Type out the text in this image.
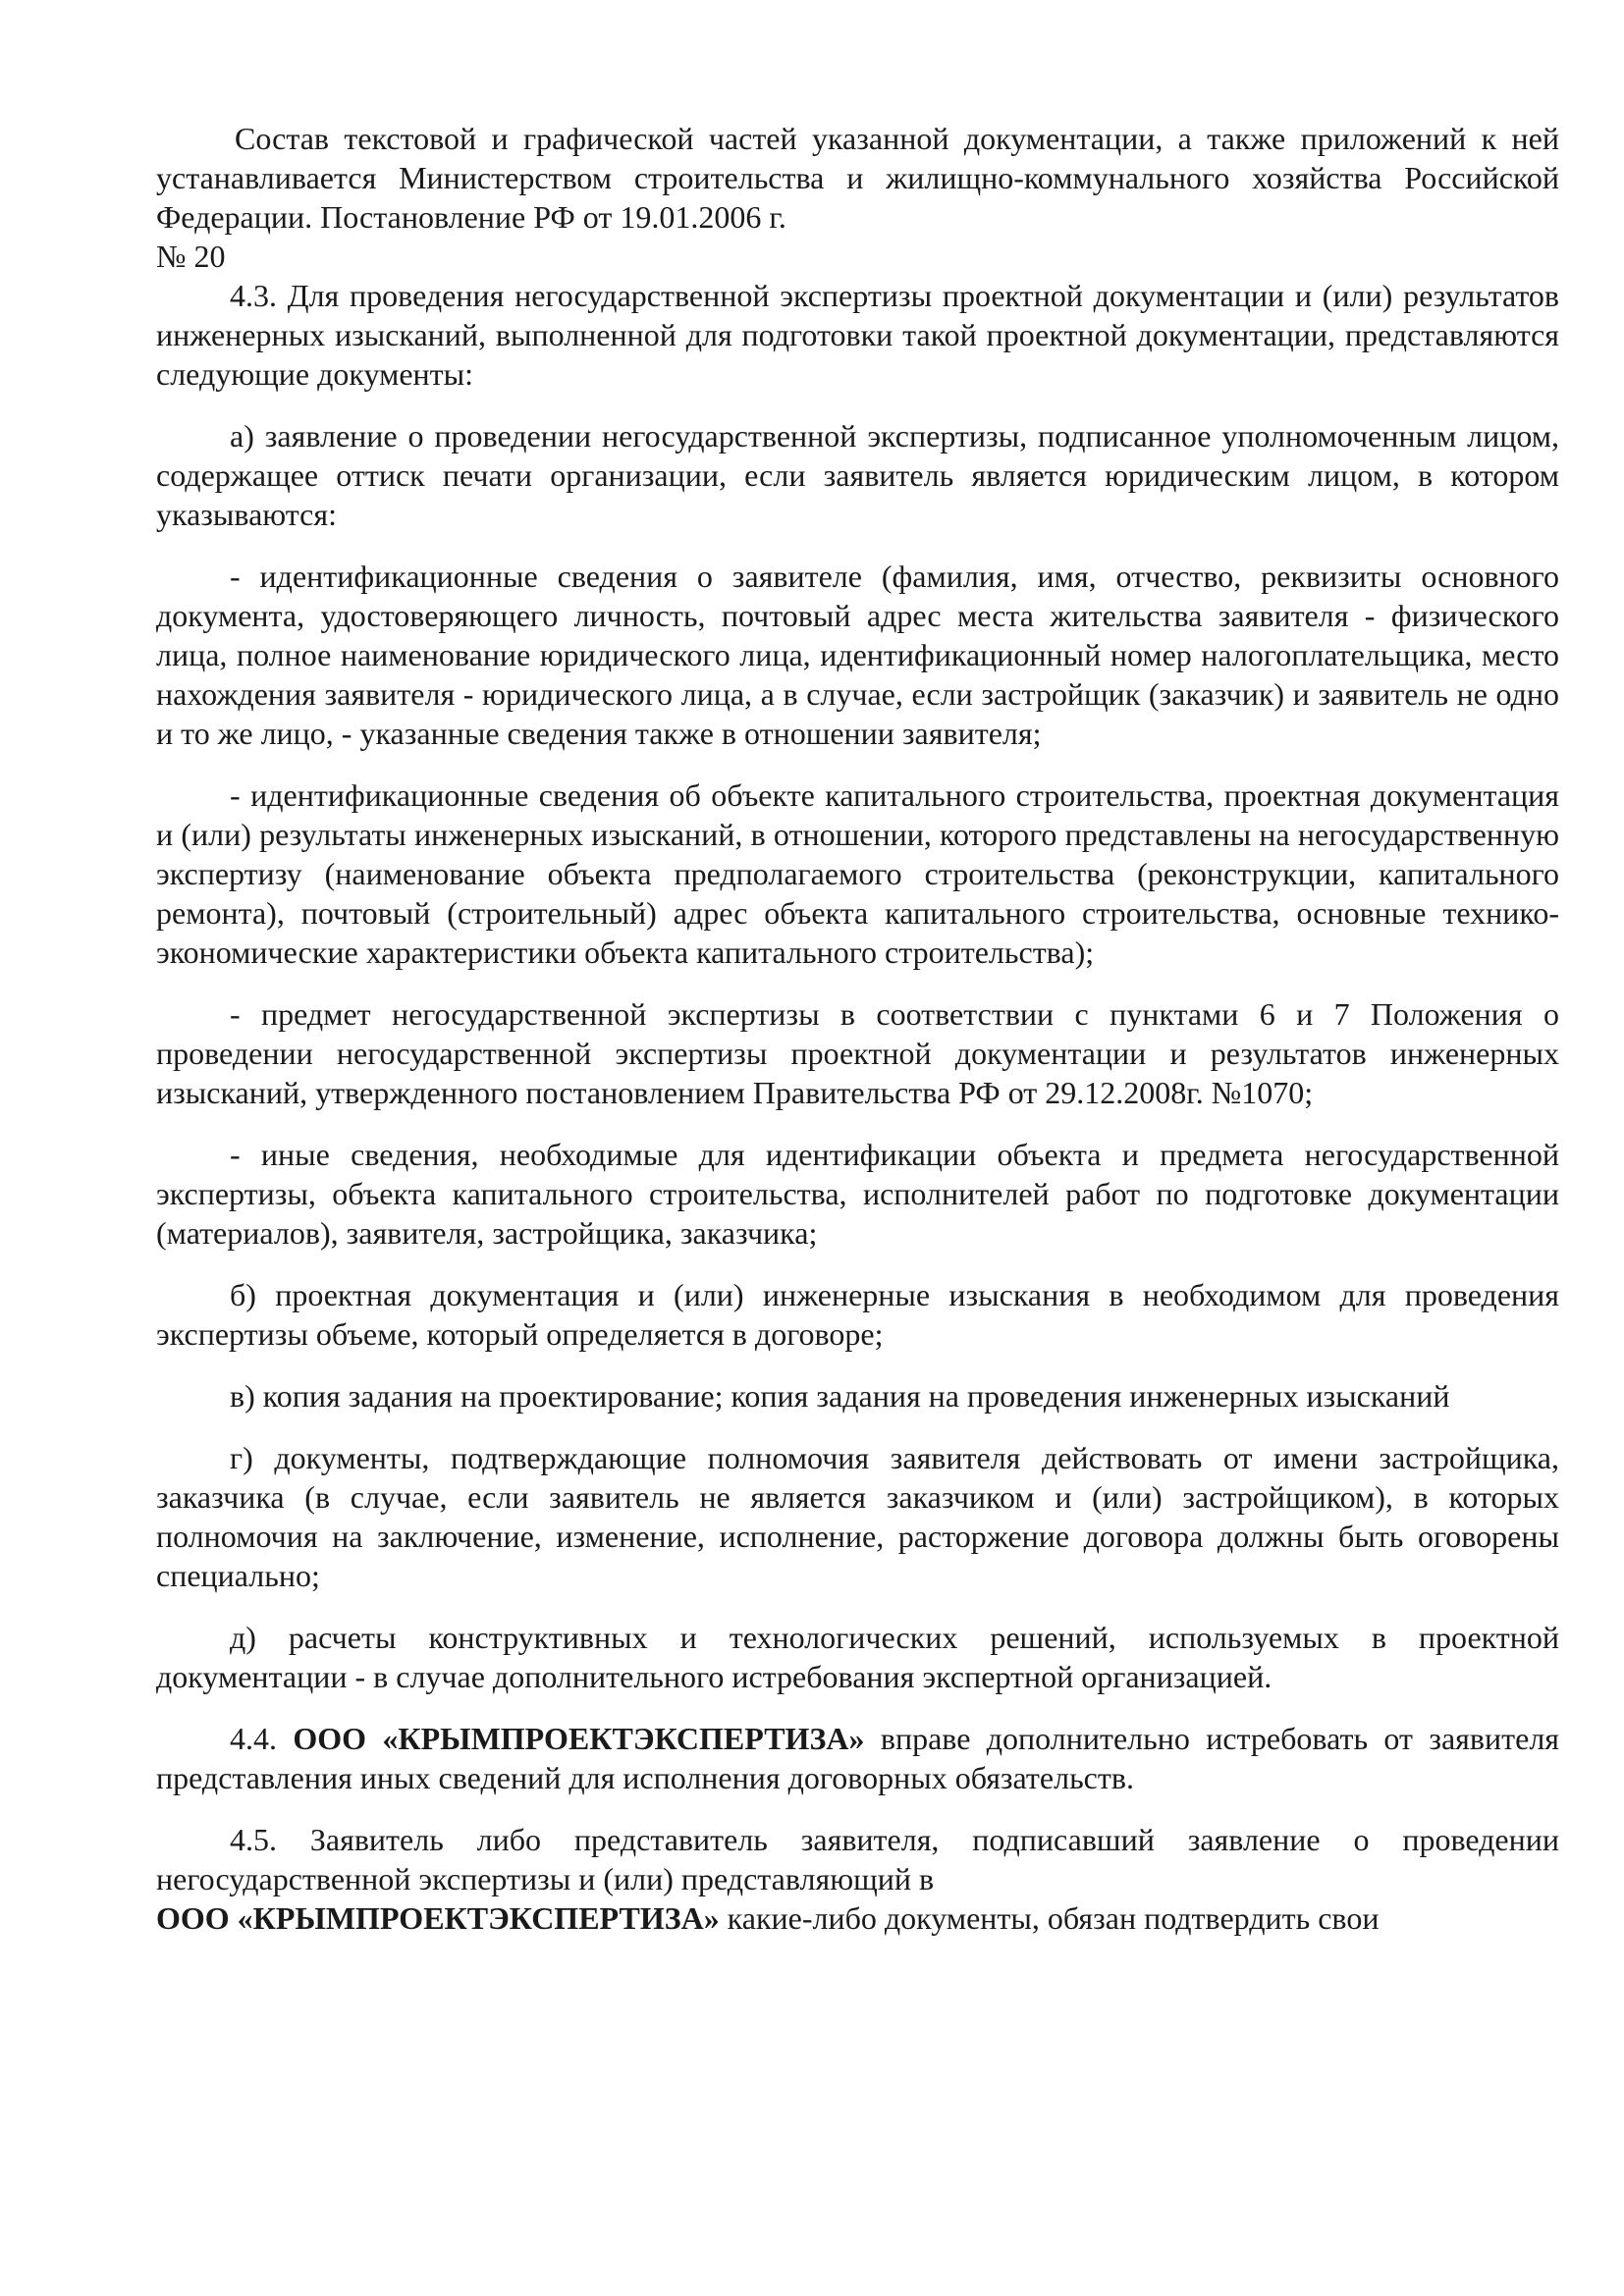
Состав текстовой и графической частей указанной документации, а также приложений к ней устанавливается Министерством строительства и жилищно-коммунального хозяйства Российской Федерации. Постановление РФ от 19.01.2006 г.
№ 20

4.3. Для проведения негосударственной экспертизы проектной документации и (или) результатов инженерных изысканий, выполненной для подготовки такой проектной документации, представляются следующие документы:

а) заявление о проведении негосударственной экспертизы, подписанное уполномоченным лицом, содержащее оттиск печати организации, если заявитель является юридическим лицом, в котором указываются:

- идентификационные сведения о заявителе (фамилия, имя, отчество, реквизиты основного документа, удостоверяющего личность, почтовый адрес места жительства заявителя - физического лица, полное наименование юридического лица, идентификационный номер налогоплательщика, место нахождения заявителя - юридического лица, а в случае, если застройщик (заказчик) и заявитель не одно и то же лицо, - указанные сведения также в отношении заявителя;

- идентификационные сведения об объекте капитального строительства, проектная документация и (или) результаты инженерных изысканий, в отношении, которого представлены на негосударственную экспертизу (наименование объекта предполагаемого строительства (реконструкции, капитального ремонта), почтовый (строительный) адрес объекта капитального строительства, основные технико-экономические характеристики объекта капитального строительства);

- предмет негосударственной экспертизы в соответствии с пунктами 6 и 7 Положения о проведении негосударственной экспертизы проектной документации и результатов инженерных изысканий, утвержденного постановлением Правительства РФ от 29.12.2008г. №1070;

- иные сведения, необходимые для идентификации объекта и предмета негосударственной экспертизы, объекта капитального строительства, исполнителей работ по подготовке документации (материалов), заявителя, застройщика, заказчика;

б) проектная документация и (или) инженерные изыскания в необходимом для проведения экспертизы объеме, который определяется в договоре;

в) копия задания на проектирование; копия задания на проведения инженерных изысканий

г) документы, подтверждающие полномочия заявителя действовать от имени застройщика, заказчика (в случае, если заявитель не является заказчиком и (или) застройщиком), в которых полномочия на заключение, изменение, исполнение, расторжение договора должны быть оговорены специально;

д) расчеты конструктивных и технологических решений, используемых в проектной документации - в случае дополнительного истребования экспертной организацией.

4.4. ООО «КРЫМПРОЕКТЭКСПЕРТИЗА» вправе дополнительно истребовать от заявителя представления иных сведений для исполнения договорных обязательств.

4.5. Заявитель либо представитель заявителя, подписавший заявление о проведении негосударственной экспертизы и (или) представляющий в
ООО «КРЫМПРОЕКТЭКСПЕРТИЗА» какие-либо документы, обязан подтвердить свои
